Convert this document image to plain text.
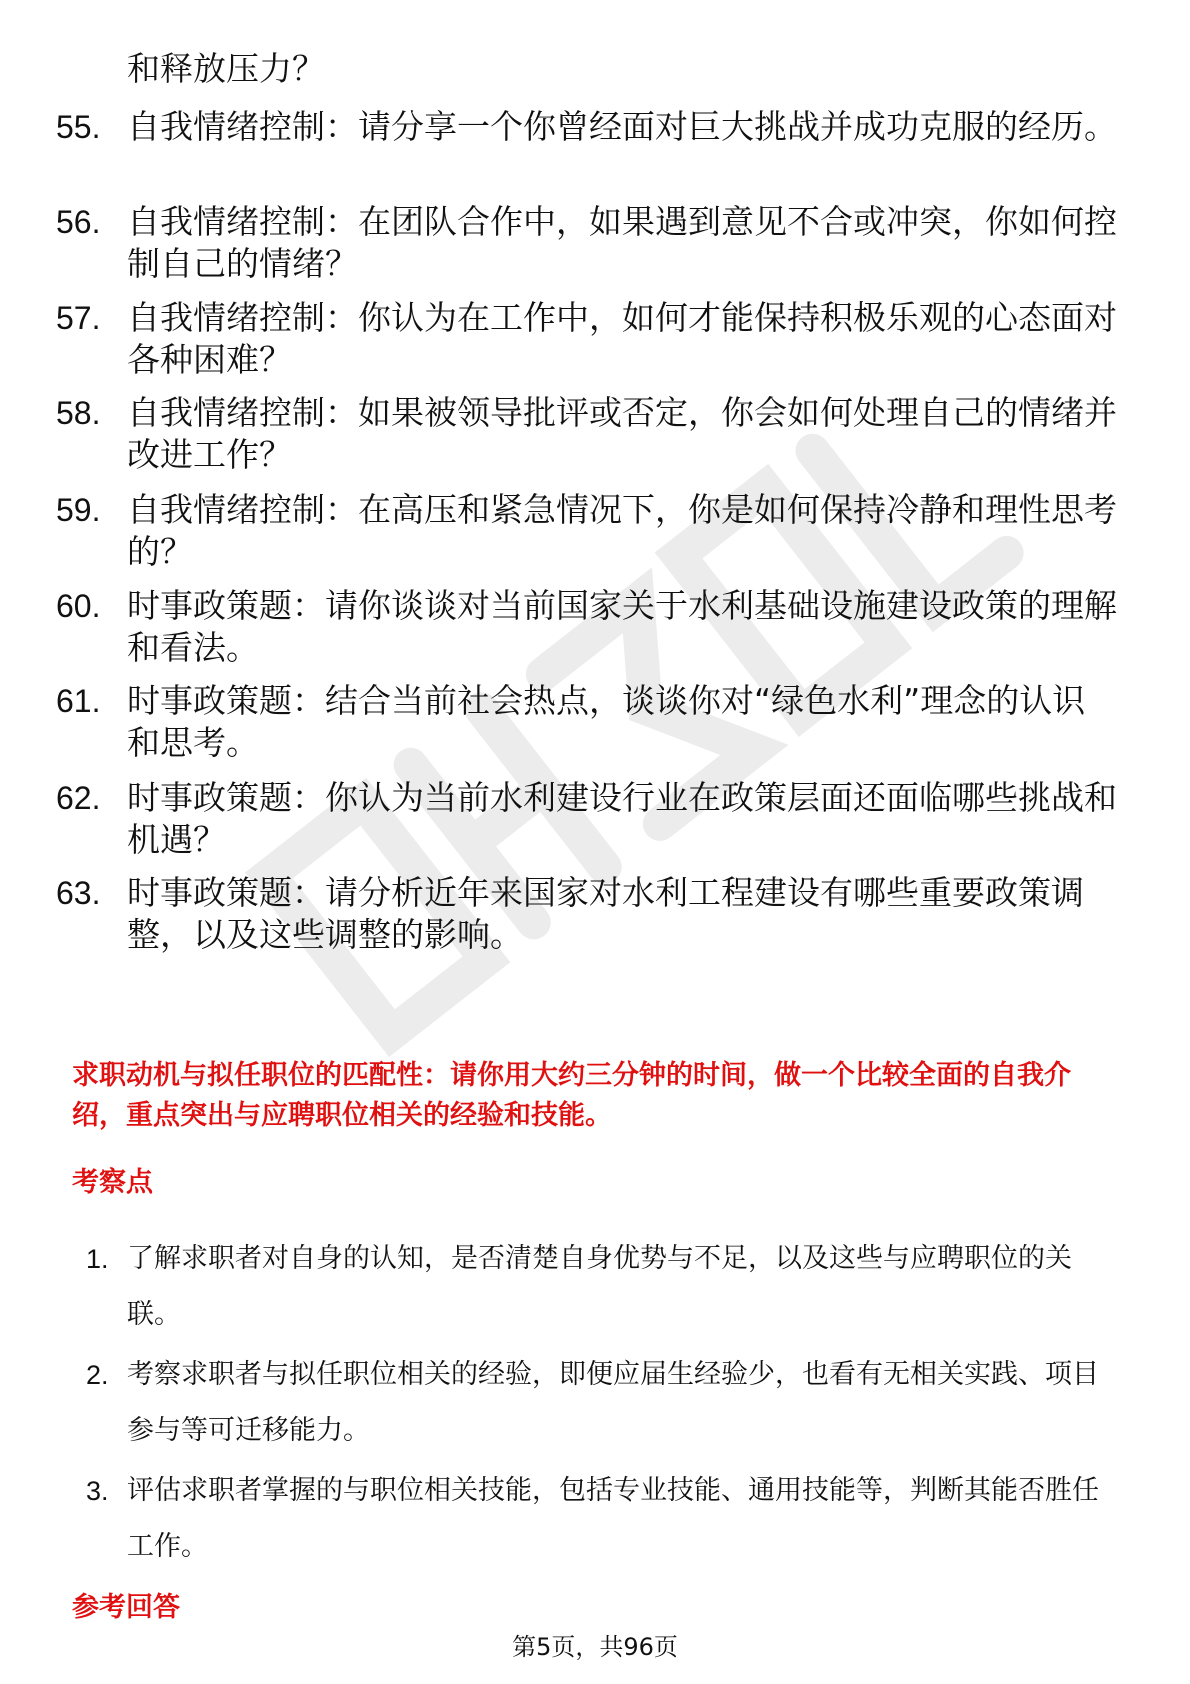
和释放压力？
55. 自我情绪控制：请分享一个你曾经面对巨大挑战并成功克服的经历。
56. 自我情绪控制：在团队合作中，如果遇到意见不合或冲突，你如何控制自己的情绪？
57. 自我情绪控制：你认为在工作中，如何才能保持积极乐观的心态面对各种困难？
58. 自我情绪控制：如果被领导批评或否定，你会如何处理自己的情绪并改进工作？
59. 自我情绪控制：在高压和紧急情况下，你是如何保持冷静和理性思考的？
60. 时事政策题：请你谈谈对当前国家关于水利基础设施建设政策的理解和看法。
61. 时事政策题：结合当前社会热点，谈谈你对“绿色水利”理念的认识和思考。
62. 时事政策题：你认为当前水利建设行业在政策层面还面临哪些挑战和机遇？
63. 时事政策题：请分析近年来国家对水利工程建设有哪些重要政策调整，以及这些调整的影响。
求职动机与拟任职位的匹配性：请你用大约三分钟的时间，做一个比较全面的自我介绍，重点突出与应聘职位相关的经验和技能。
考察点
1. 了解求职者对自身的认知，是否清楚自身优势与不足，以及这些与应聘职位的关联。
2. 考察求职者与拟任职位相关的经验，即便应届生经验少，也看有无相关实践、项目参与等可迁移能力。
3. 评估求职者掌握的与职位相关技能，包括专业技能、通用技能等，判断其能否胜任工作。
参考回答
第5页，共96页
